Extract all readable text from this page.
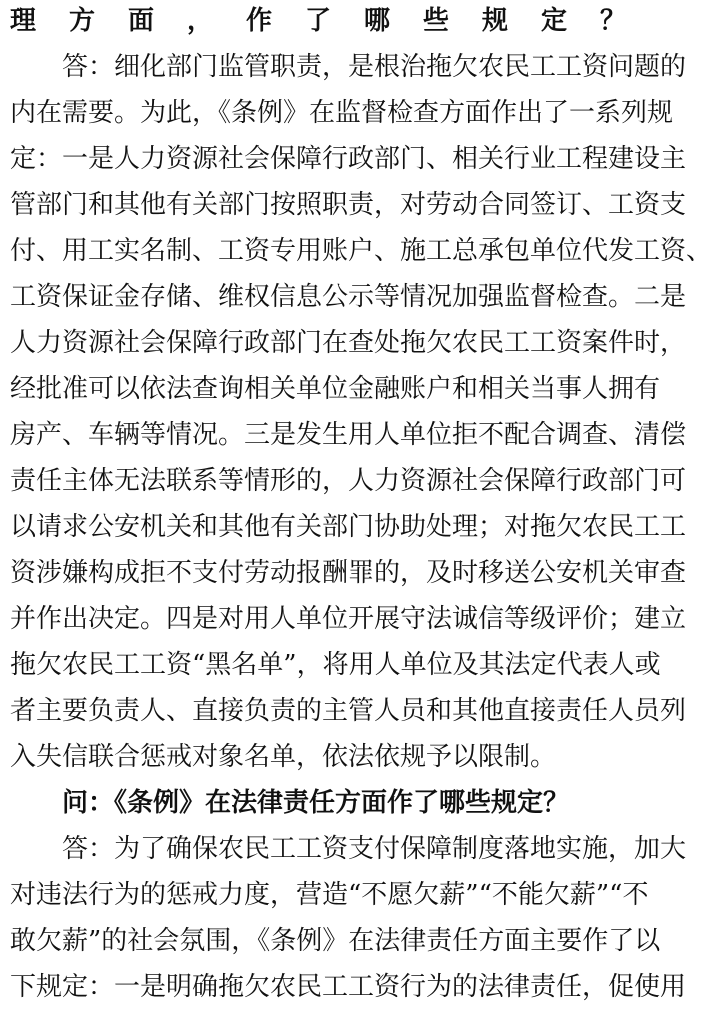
理方面，作了哪些规定？
　　答：细化部门监管职责，是根治拖欠农民工工资问题的
内在需要。为此，《条例》在监督检查方面作出了一系列规
定：一是人力资源社会保障行政部门、相关行业工程建设主
管部门和其他有关部门按照职责，对劳动合同签订、工资支
付、用工实名制、工资专用账户、施工总承包单位代发工资、
工资保证金存储、维权信息公示等情况加强监督检查。二是
人力资源社会保障行政部门在查处拖欠农民工工资案件时，
经批准可以依法查询相关单位金融账户和相关当事人拥有
房产、车辆等情况。三是发生用人单位拒不配合调查、清偿
责任主体无法联系等情形的，人力资源社会保障行政部门可
以请求公安机关和其他有关部门协助处理；对拖欠农民工工
资涉嫌构成拒不支付劳动报酬罪的，及时移送公安机关审查
并作出决定。四是对用人单位开展守法诚信等级评价；建立
拖欠农民工工资“黑名单”，将用人单位及其法定代表人或
者主要负责人、直接负责的主管人员和其他直接责任人员列
入失信联合惩戒对象名单，依法依规予以限制。
　　问：《条例》在法律责任方面作了哪些规定？
　　答：为了确保农民工工资支付保障制度落地实施，加大
对违法行为的惩戒力度，营造“不愿欠薪”“不能欠薪”“不
敢欠薪”的社会氛围，《条例》在法律责任方面主要作了以
下规定：一是明确拖欠农民工工资行为的法律责任，促使用
